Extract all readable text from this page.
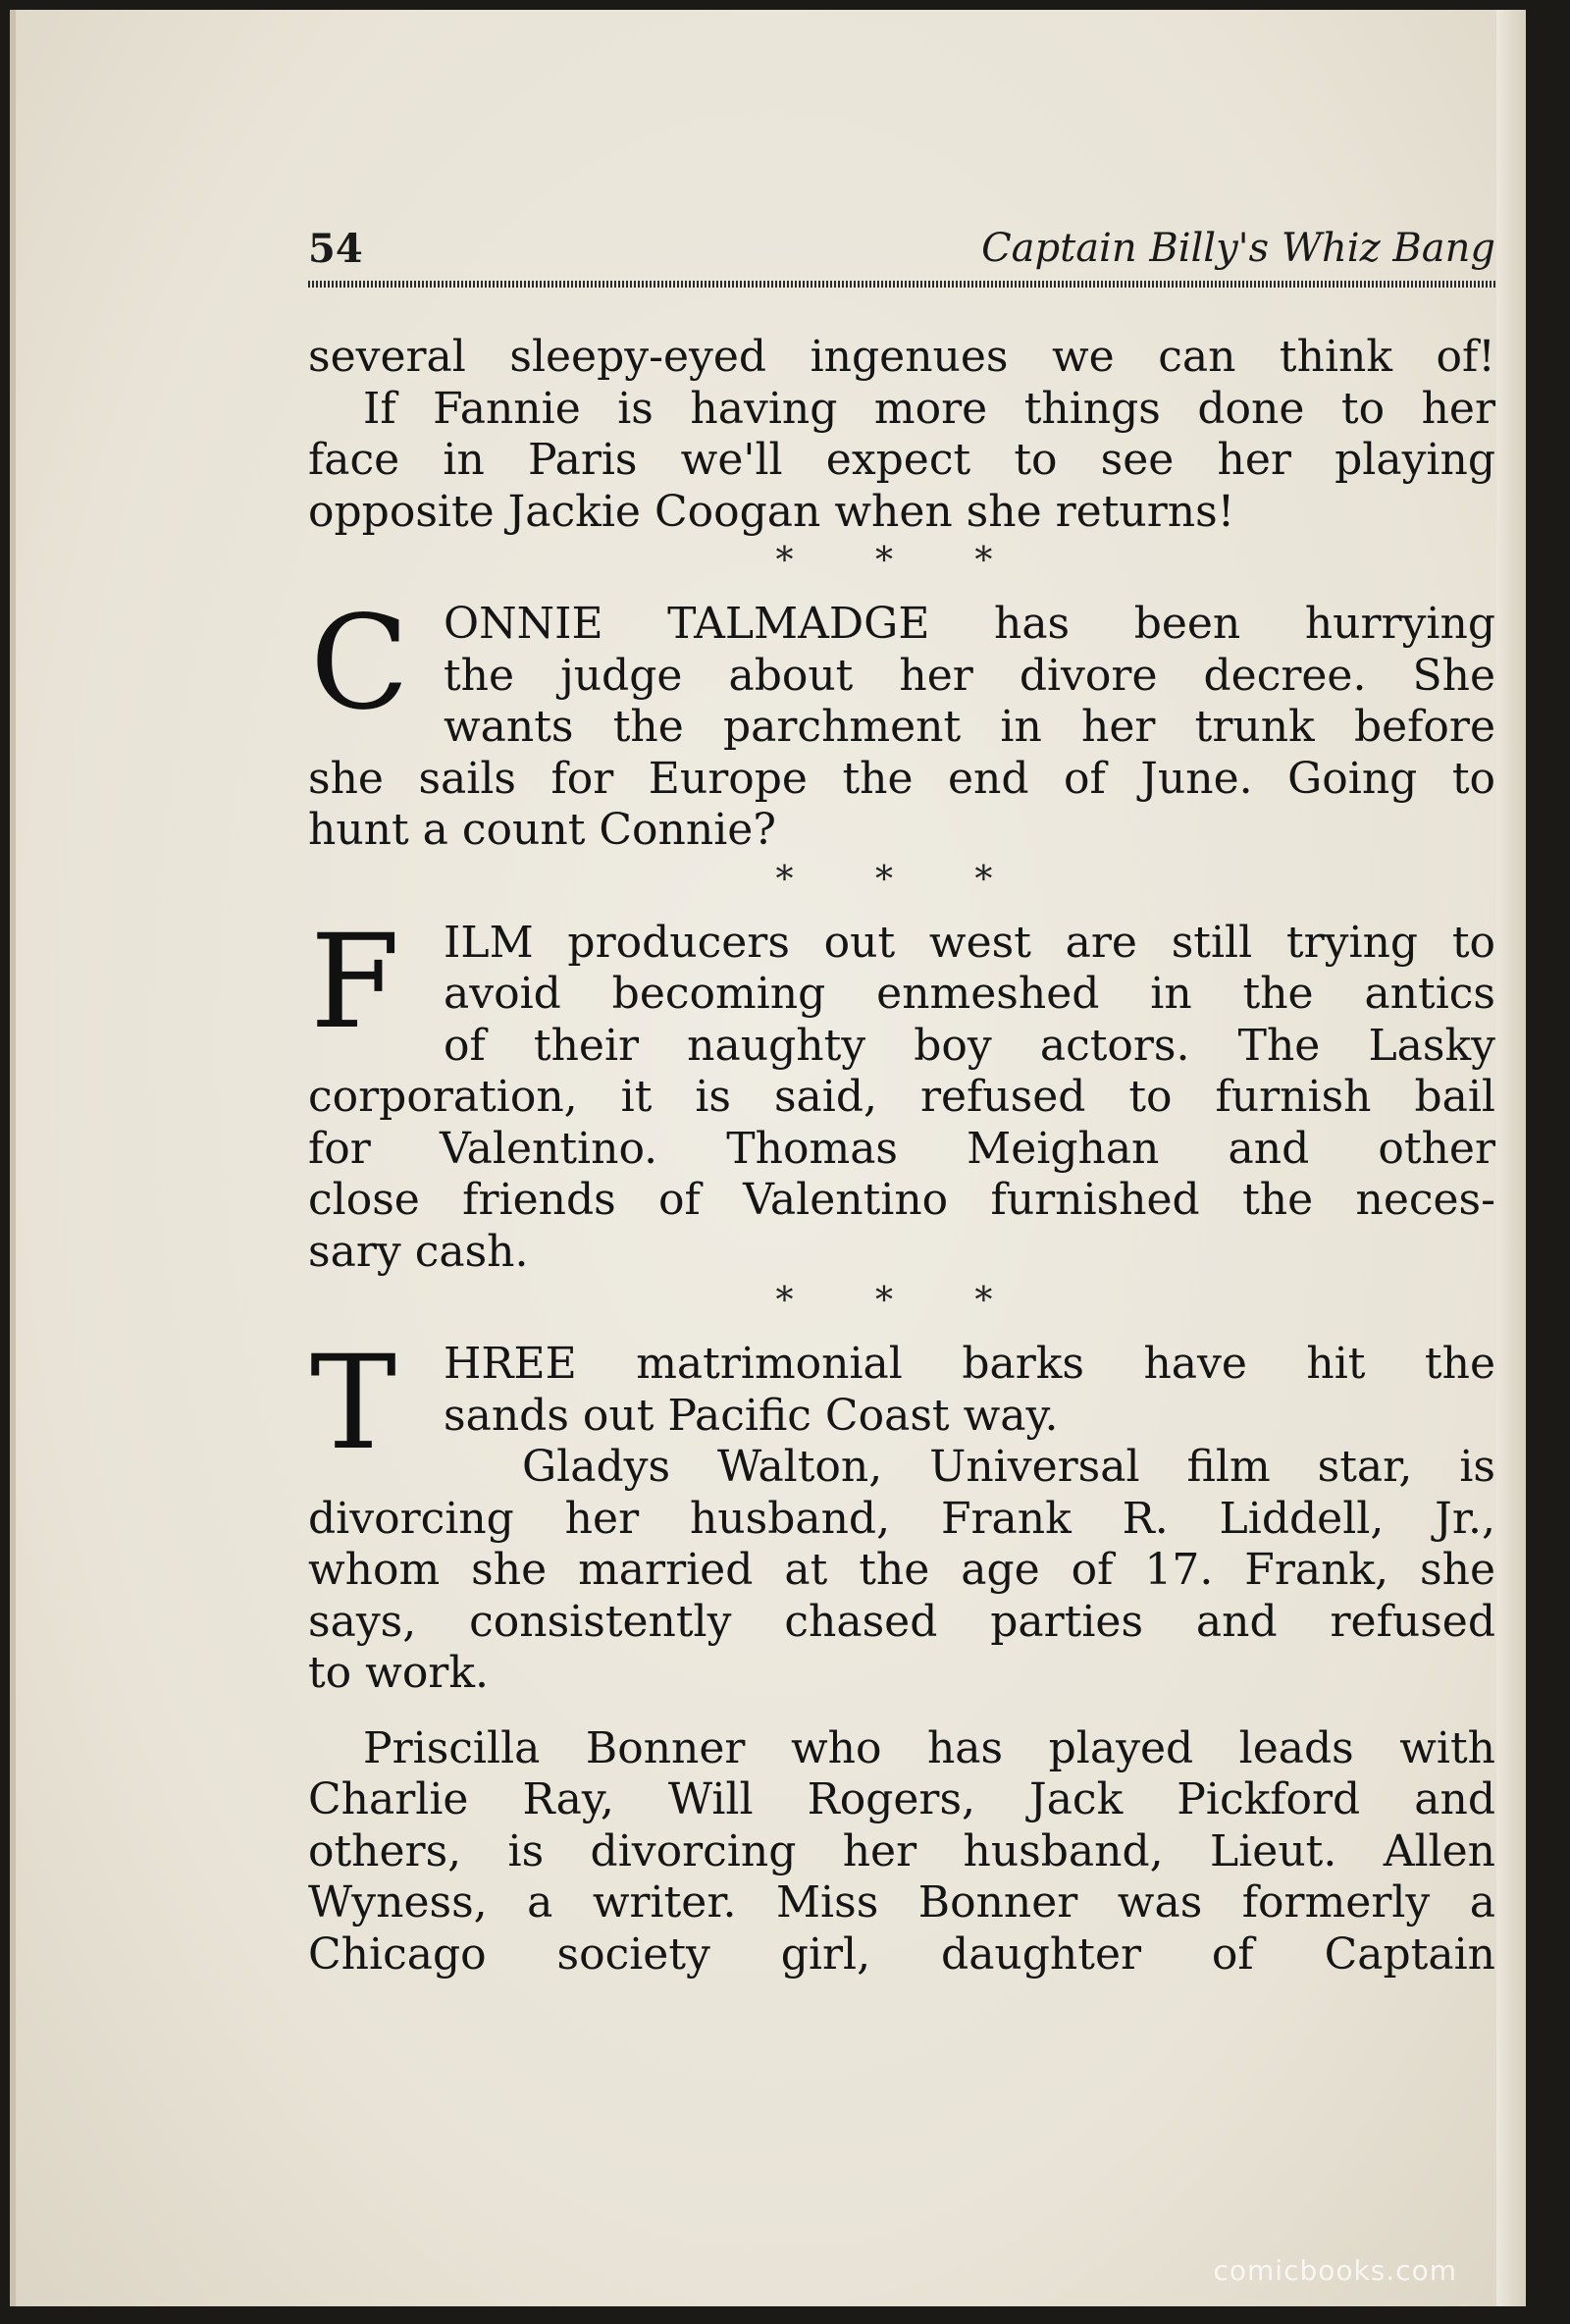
54	Captain Billy's Whiz Bang
several sleepy-eyed ingenues we can think of!
If Fannie is having more things done to her
face in Paris we'll expect to see her playing
opposite Jackie Coogan when she returns!
* * *
C ONNIE TALMADGE has been hurrying
the judge about her divore decree. She
wants the parchment in her trunk before
she sails for Europe the end of June. Going to
hunt a count Connie?
* * *
F	ILM producers out west are still trying to
avoid becoming enmeshed in the antics
of their naughty boy actors. The Lasky
corporation, it is said, refused to furnish bail
for Valentino. Thomas Meighan and other
close friends of Valentino furnished the neces-
sary cash.
* * *
T	HREE matrimonial barks have hit the
sands out Pacific Coast way.
Gladys Walton, Universal film star, is
divorcing her husband, Frank R. Liddell, Jr.,
whom she married at the age of 17. Frank, she
says, consistently chased parties and refused
to work.
Priscilla Bonner who has played leads with
Charlie Ray, Will Rogers, Jack Pickford and
others, is divorcing her husband, Lieut. Allen
Wyness, a writer. Miss Bonner was formerly a
Chicago society girl, daughter of Captain
comicbooks.com
